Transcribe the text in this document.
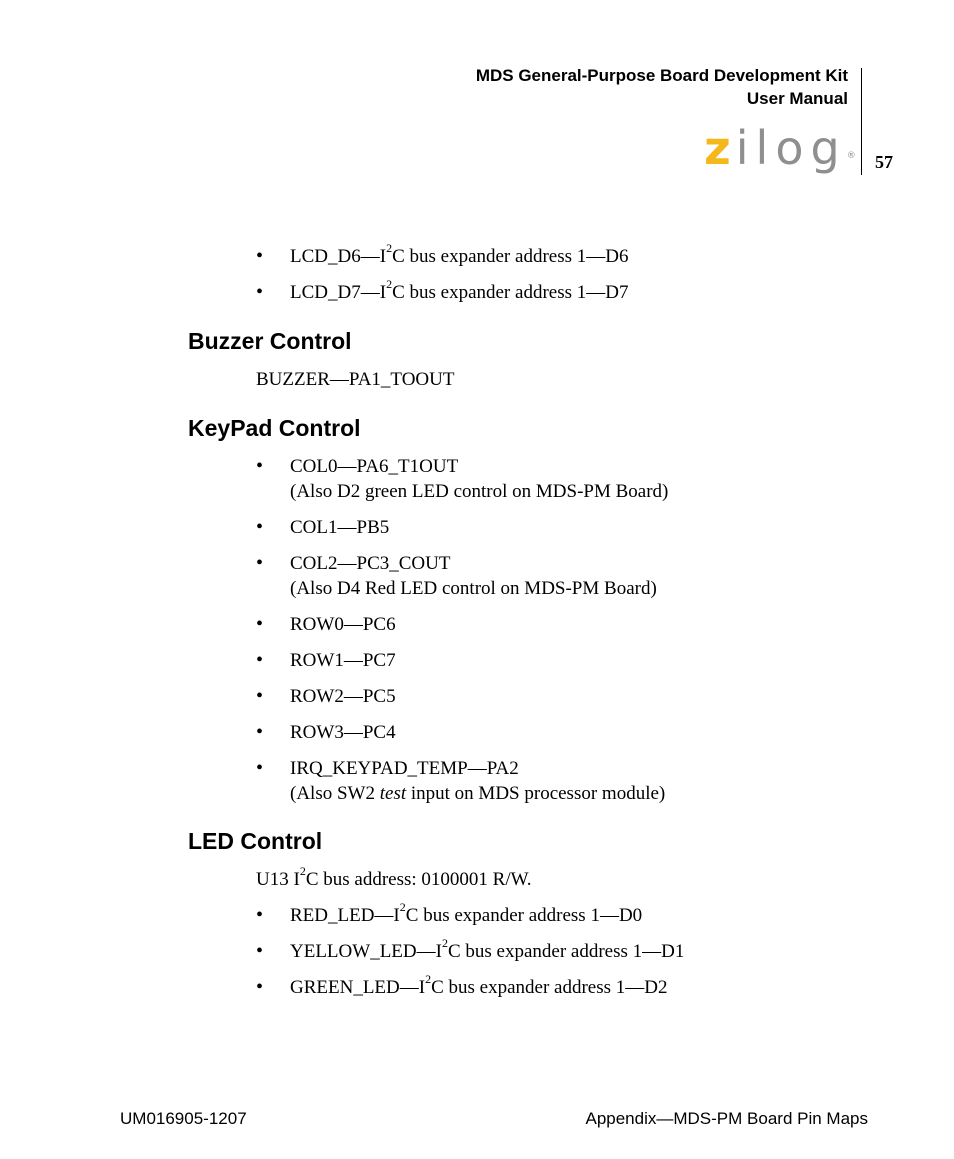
MDS General-Purpose Board Development Kit
User Manual
zilog® 57
• $LCD\_D6—I^2C$ bus expander address 1—D6
• $LCD\_D7—I^2C$ bus expander address 1—D7
Buzzer Control
BUZZER—PA1_TOOUT
KeyPad Control
• COL0—PA6_T1OUT
(Also D2 green LED control on MDS-PM Board)
• COL1—PB5
• COL2—PC3_COUT
(Also D4 Red LED control on MDS-PM Board)
• ROW0—PC6
• ROW1—PC7
• ROW2—PC5
• ROW3—PC4
• IRQ_KEYPAD_TEMP—PA2
(Also SW2 test input on MDS processor module)
LED Control
U13 $I^2C$ bus address: 0100001 R/W.
• $RED\_LED—I^2C$ bus expander address 1—D0
• $YELLOW\_LED—I^2C$ bus expander address 1—D1
• $GREEN\_LED—I^2C$ bus expander address 1—D2
UM016905-1207	Appendix—MDS-PM Board Pin Maps
